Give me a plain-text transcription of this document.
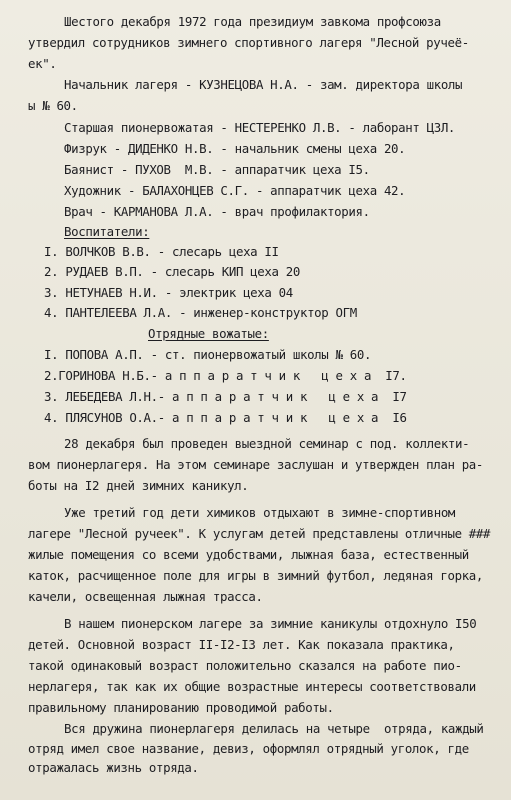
Шестого декабря 1972 года президиум завкома профсоюза
утвердил сотрудников зимнего спортивного лагеря "Лесной ручеё-
ек".
Начальник лагеря - КУЗНЕЦОВА Н.А. - зам. директора школы
ы № 60.
Старшая пионервожатая - НЕСТЕРЕНКО Л.В. - лаборант ЦЗЛ.
Физрук - ДИДЕНКО Н.В. - начальник смены цеха 20.
Баянист - ПУХОВ  М.В. - аппаратчик цеха I5.
Художник - БАЛАХОНЦЕВ С.Г. - аппаратчик цеха 42.
Врач - КАРМАНОВА Л.А. - врач профилактория.
Воспитатели:
I. ВОЛЧКОВ В.В. - слесарь цеха II
2. РУДАЕВ В.П. - слесарь КИП цеха 20
3. НЕТУНАЕВ Н.И. - электрик цеха 04
4. ПАНТЕЛЕЕВА Л.А. - инженер-конструктор ОГМ
Отрядные вожатые:
I. ПОПОВА А.П. - ст. пионервожатый школы № 60.
2.ГОРИНОВА Н.Б.- а п п а р а т ч и к   ц е х а  I7.
3. ЛЕБЕДЕВА Л.Н.- а п п а р а т ч и к   ц е х а  I7
4. ПЛЯСУНОВ О.А.- а п п а р а т ч и к   ц е х а  I6
28 декабря был проведен выездной семинар с под. коллекти-
вом пионерлагеря. На этом семинаре заслушан и утвержден план ра-
боты на I2 дней зимних каникул.
Уже третий год дети химиков отдыхают в зимне-спортивном
лагере "Лесной ручеек". К услугам детей представлены отличные ###
жилые помещения со всеми удобствами, лыжная база, естественный
каток, расчищенное поле для игры в зимний футбол, ледяная горка,
качели, освещенная лыжная трасса.
В нашем пионерском лагере за зимние каникулы отдохнуло I50
детей. Основной возраст II-I2-I3 лет. Как показала практика,
такой одинаковый возраст положительно сказался на работе пио-
нерлагеря, так как их общие возрастные интересы соответствовали
правильному планированию проводимой работы.
Вся дружина пионерлагеря делилась на четыре  отряда, каждый
отряд имел свое название, девиз, оформлял отрядный уголок, где
отражалась жизнь отряда.
